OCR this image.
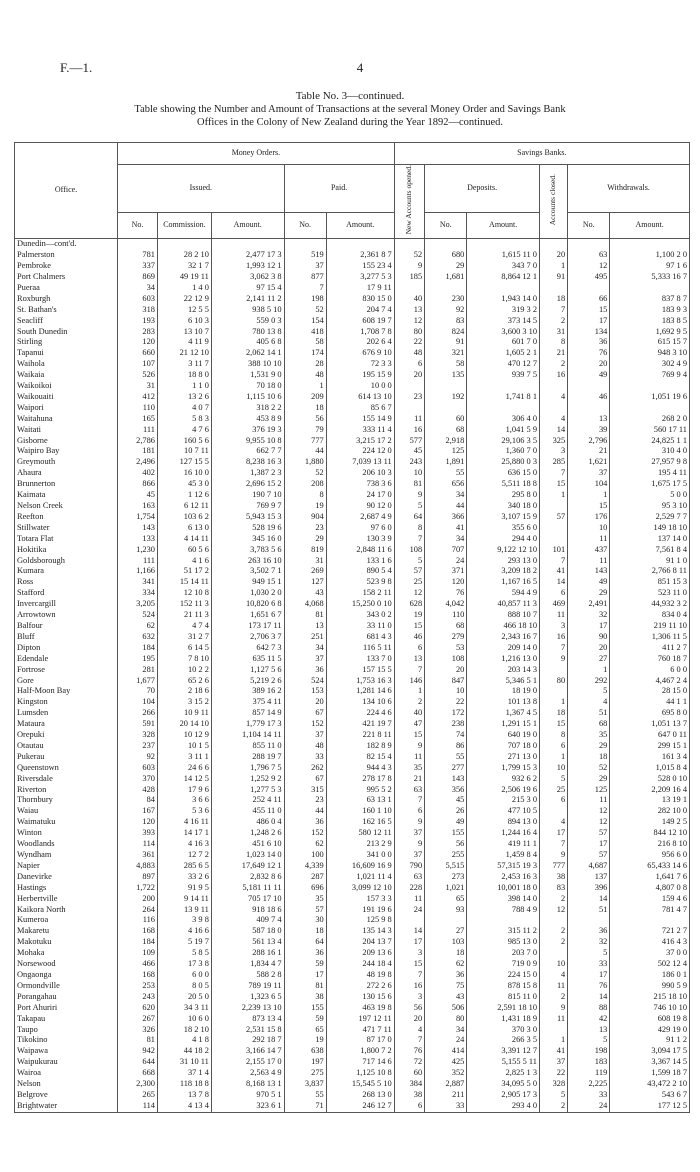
F.—1.	4
Table No. 3—continued.
Table showing the Number and Amount of Transactions at the several Money Order and Savings Bank
Offices in the Colony of New Zealand during the Year 1892—continued.
Office.	Money Orders.					Savings Banks.					
	Issued.			Paid.		New Accounts opened.	Deposits.		Accounts closed.	Withdrawals.	
	No.	Commission.	Amount.	No.	Amount.		No.	Amount.		No.	Amount.
Dunedin—cont'd.											
Palmerston	781	28 2 10	2,477 17 3	519	2,361 8 7	52	680	1,615 11 0	20	63	1,100 2 0
Pembroke	337	32 1 7	1,993 12 1	37	155 23 4	9	29	343 7 0	1	12	97 1 6
Port Chalmers	869	49 19 11	3,062 3 8	877	3,277 5 3	185	1,681	8,864 12 1	91	495	5,333 16 7
Pueraa	34	1 4 0	97 15 4	7	17 9 11						
Roxburgh	603	22 12 9	2,141 11 2	198	830 15 0	40	230	1,943 14 0	18	66	837 8 7
St. Bathan's	318	12 5 5	938 5 10	52	204 7 4	13	92	319 3 2	7	15	183 9 3
Seacliff	193	6 10 3	559 0 3	154	608 19 7	12	83	373 14 5	2	17	183 8 5
South Dunedin	283	13 10 7	780 13 8	418	1,708 7 8	80	824	3,600 3 10	31	134	1,692 9 5
Stirling	120	4 11 9	405 6 8	58	202 6 4	22	91	601 7 0	8	36	615 15 7
Tapanui	660	21 12 10	2,062 14 1	174	676 9 10	48	321	1,605 2 1	21	76	948 3 10
Waihola	107	3 11 7	388 10 10	28	72 3 3	6	58	470 12 7	2	20	302 4 9
Waikaia	526	18 8 0	1,531 9 0	48	195 15 9	20	135	939 7 5	16	49	769 9 4
Waikoikoi	31	1 1 0	70 18 0	1	10 0 0						
Waikouaiti	412	13 2 6	1,115 10 6	209	614 13 10	23	192	1,741 8 1	4	46	1,051 19 6
Waipori	110	4 0 7	318 2 2	18	85 6 7						
Waitahuna	165	5 8 3	453 8 9	56	155 14 9	11	60	306 4 0	4	13	268 2 0
Waitati	111	4 7 6	376 19 3	79	333 11 4	16	68	1,041 5 9	14	39	560 17 11
Gisborne	2,786	160 5 6	9,955 10 8	777	3,215 17 2	577	2,918	29,106 3 5	325	2,796	24,825 1 1
Waipiro Bay	181	10 7 11	662 7 7	44	224 12 0	45	125	1,360 7 0	3	21	310 4 0
Greymouth	2,496	127 15 5	8,238 16 3	1,880	7,039 13 11	243	1,891	25,880 0 3	285	1,621	27,957 9 8
Ahaura	402	16 10 0	1,387 2 3	52	206 10 3	10	55	636 15 0	7	37	195 4 11
Brunnerton	866	45 3 0	2,696 15 2	208	738 3 6	81	656	5,511 18 8	15	104	1,675 17 5
Kaimata	45	1 12 6	190 7 10	8	24 17 0	9	34	295 8 0	1	1	5 0 0
Nelson Creek	163	6 12 11	769 9 7	19	90 12 0	5	44	340 18 0		15	95 3 10
Reefton	1,754	103 6 2	5,943 15 3	904	2,687 4 9	64	366	3,107 15 9	57	176	2,529 7 7
Stillwater	143	6 13 0	528 19 6	23	97 6 0	8	41	355 6 0		10	149 18 10
Totara Flat	133	4 14 11	345 16 0	29	130 3 9	7	34	294 4 0		11	137 14 0
Hokitika	1,230	60 5 6	3,783 5 6	819	2,848 11 6	108	707	9,122 12 10	101	437	7,561 8 4
Goldsborough	111	4 1 6	263 16 10	31	133 1 6	5	24	293 13 0	7	11	91 1 0
Kumara	1,166	51 17 2	3,502 7 1	269	890 5 4	57	371	3,209 18 2	41	143	2,766 8 11
Ross	341	15 14 11	949 15 1	127	523 9 8	25	120	1,167 16 5	14	49	851 15 3
Stafford	334	12 10 8	1,030 2 0	43	158 2 11	12	76	594 4 9	6	29	523 11 0
Invercargill	3,205	152 11 3	10,820 6 8	4,068	15,250 0 10	628	4,042	40,857 11 3	469	2,491	44,932 3 2
Arrowtown	524	21 11 3	1,651 6 7	81	343 0 2	19	110	888 10 7	11	32	834 0 4
Balfour	62	4 7 4	173 17 11	13	33 11 0	15	68	466 18 10	3	17	219 11 10
Bluff	632	31 2 7	2,706 3 7	251	681 4 3	46	279	2,343 16 7	16	90	1,306 11 5
Dipton	184	6 14 5	642 7 3	34	116 5 11	6	53	209 14 0	7	20	411 2 7
Edendale	195	7 8 10	635 11 5	37	133 7 0	13	108	1,216 13 0	9	27	760 18 7
Fortrose	281	10 2 2	1,127 5 6	36	157 15 5	7	20	203 14 3		1	6 0 0
Gore	1,677	65 2 6	5,219 2 6	524	1,753 16 3	146	847	5,346 5 1	80	292	4,467 2 4
Half-Moon Bay	70	2 18 6	389 16 2	153	1,281 14 6	1	10	18 19 0		5	28 15 0
Kingston	104	3 15 2	375 4 11	20	134 10 6	2	22	101 13 8	1	4	44 1 1
Lumsden	266	10 9 11	857 14 9	67	224 4 6	40	172	1,367 4 5	18	51	695 8 0
Mataura	591	20 14 10	1,779 17 3	152	421 19 7	47	238	1,291 15 1	15	68	1,051 13 7
Orepuki	328	10 12 9	1,104 14 11	37	221 8 11	15	74	640 19 0	8	35	647 0 11
Otautau	237	10 1 5	855 11 0	48	182 8 9	9	86	707 18 0	6	29	299 15 1
Pukerau	92	3 11 1	288 19 7	33	82 15 4	11	55	271 13 0	1	18	161 3 4
Queenstown	603	24 6 6	1,796 7 5	262	944 4 3	35	277	1,799 15 3	10	52	1,015 8 4
Riversdale	370	14 12 5	1,252 9 2	67	278 17 8	21	143	932 6 2	5	29	528 0 10
Riverton	428	17 9 6	1,277 5 3	315	995 5 2	63	356	2,506 19 6	25	125	2,209 16 4
Thornbury	84	3 6 6	252 4 11	23	63 13 1	7	45	215 3 0	6	11	13 19 1
Waiau	167	5 3 6	455 11 0	44	160 1 10	6	26	477 10 5		12	282 10 0
Waimatuku	120	4 16 11	486 0 4	36	162 16 5	9	49	894 13 0	4	12	149 2 5
Winton	393	14 17 1	1,248 2 6	152	580 12 11	37	155	1,244 16 4	17	57	844 12 10
Woodlands	114	4 16 3	451 6 10	62	213 2 9	9	56	419 11 1	7	17	216 8 10
Wyndham	361	12 7 2	1,023 14 0	100	341 0 0	37	255	1,459 8 4	9	57	956 6 0
Napier	4,883	285 6 5	17,649 12 1	4,339	16,609 16 9	790	5,515	57,315 19 3	777	4,687	65,433 14 6
Danevirke	897	33 2 6	2,832 8 6	287	1,021 11 4	63	273	2,453 16 3	38	137	1,641 7 6
Hastings	1,722	91 9 5	5,181 11 11	696	3,099 12 10	228	1,021	10,001 18 0	83	396	4,807 0 8
Herbertville	200	9 14 11	705 17 10	35	157 3 3	11	65	398 14 0	2	14	159 4 6
Kaikora North	264	13 9 11	918 18 6	57	191 19 6	24	93	788 4 9	12	51	781 4 7
Kumeroa	116	3 9 8	409 7 4	30	125 9 8						
Makaretu	168	4 16 6	587 18 0	18	135 14 3	14	27	315 11 2	2	36	721 2 7
Makotuku	184	5 19 7	561 13 4	64	204 13 7	17	103	985 13 0	2	32	416 4 3
Mohaka	109	5 8 5	288 16 1	36	209 13 6	3	18	203 7 0		5	37 0 0
Norsewood	466	17 3 8	1,834 4 7	59	244 18 4	15	62	719 0 9	10	33	502 12 4
Ongaonga	168	6 0 0	588 2 8	17	48 19 8	7	36	224 15 0	4	17	186 0 1
Ormondville	253	8 0 5	789 19 11	81	272 2 6	16	75	878 15 8	11	76	990 5 9
Porangahau	243	20 5 0	1,323 6 5	38	130 15 6	3	43	815 11 0	2	14	215 18 10
Port Ahuriri	620	34 3 11	2,239 13 10	155	463 19 8	56	506	2,591 18 10	9	88	746 10 10
Takapau	267	10 6 0	873 13 4	59	197 12 11	20	80	1,431 18 9	11	42	608 19 8
Taupo	326	18 2 10	2,531 15 8	65	471 7 11	4	34	370 3 0		13	429 19 0
Tikokino	81	4 1 8	292 18 7	19	87 17 0	7	24	266 3 5	1	5	91 1 2
Waipawa	942	44 18 2	3,166 14 7	638	1,800 7 2	76	414	3,391 12 7	41	198	3,094 17 5
Waipukurau	644	31 10 11	2,155 17 0	197	717 14 6	72	425	5,155 5 11	37	183	3,367 14 5
Wairoa	668	37 1 4	2,563 4 9	275	1,125 10 8	60	352	2,825 1 3	22	119	1,599 18 7
Nelson	2,300	118 18 8	8,168 13 1	3,837	15,545 5 10	384	2,887	34,095 5 0	328	2,225	43,472 2 10
Belgrove	265	13 7 8	970 5 1	55	268 13 0	38	211	2,905 17 3	5	33	543 6 7
Brightwater	114	4 13 4	323 6 1	71	246 12 7	6	33	293 4 0	2	24	177 12 5
